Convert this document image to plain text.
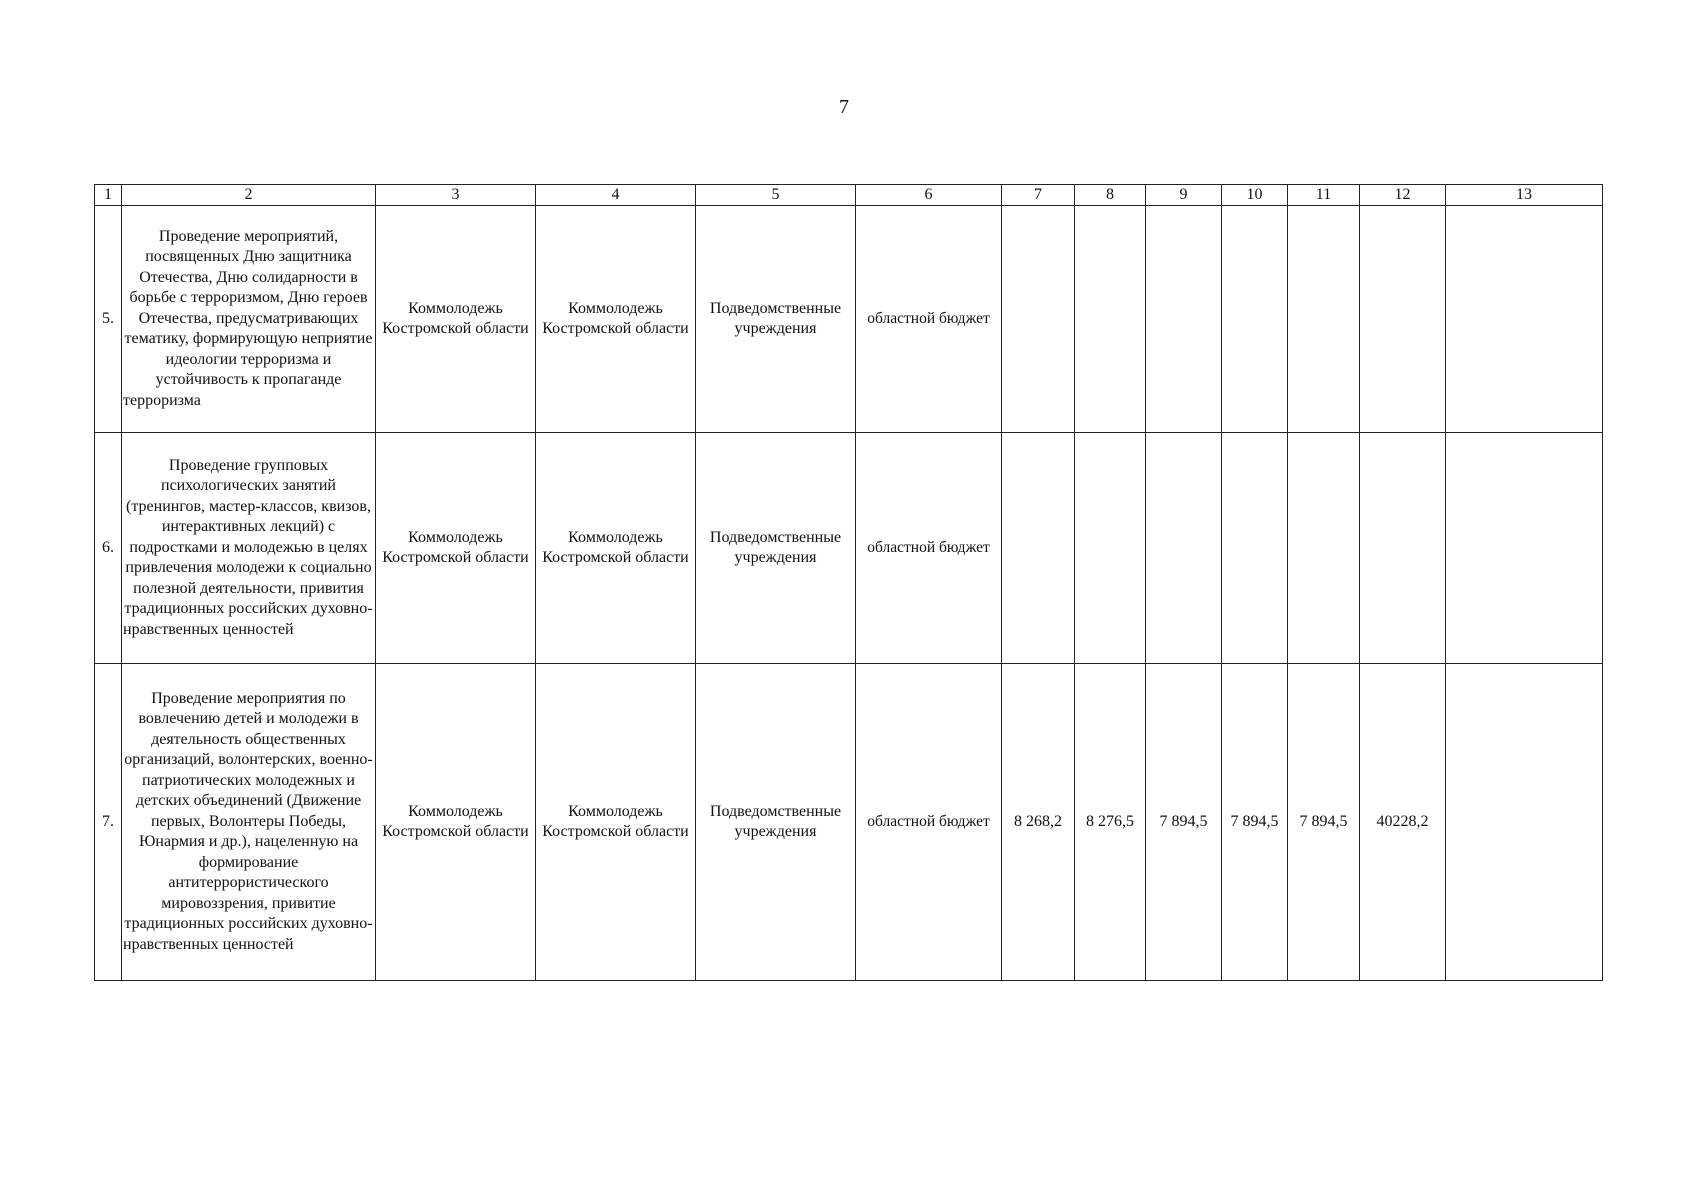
7
1	2	3	4	5	6	7	8	9	10	11	12	13
5.	Проведение мероприятий, посвященных Дню защитника Отечества, Дню солидарности в борьбе с терроризмом, Дню героев Отечества, предусматривающих тематику, формирующую неприятие идеологии терроризма и устойчивость к пропаганде терроризма	Коммолодежь Костромской области	Коммолодежь Костромской области	Подведомственные учреждения	областной бюджет							
6.	Проведение групповых психологических занятий (тренингов, мастер-классов, квизов, интерактивных лекций) с подростками и молодежью в целях привлечения молодежи к социально полезной деятельности, привития традиционных российских духовно-нравственных ценностей	Коммолодежь Костромской области	Коммолодежь Костромской области	Подведомственные учреждения	областной бюджет							
7.	Проведение мероприятия по вовлечению детей и молодежи в деятельность общественных организаций, волонтерских, военно-патриотических молодежных и детских объединений (Движение первых, Волонтеры Победы, Юнармия и др.), нацеленную на формирование антитеррористического мировоззрения, привитие традиционных российских духовно-нравственных ценностей	Коммолодежь Костромской области	Коммолодежь Костромской области	Подведомственные учреждения	областной бюджет	8 268,2	8 276,5	7 894,5	7 894,5	7 894,5	40228,2	
